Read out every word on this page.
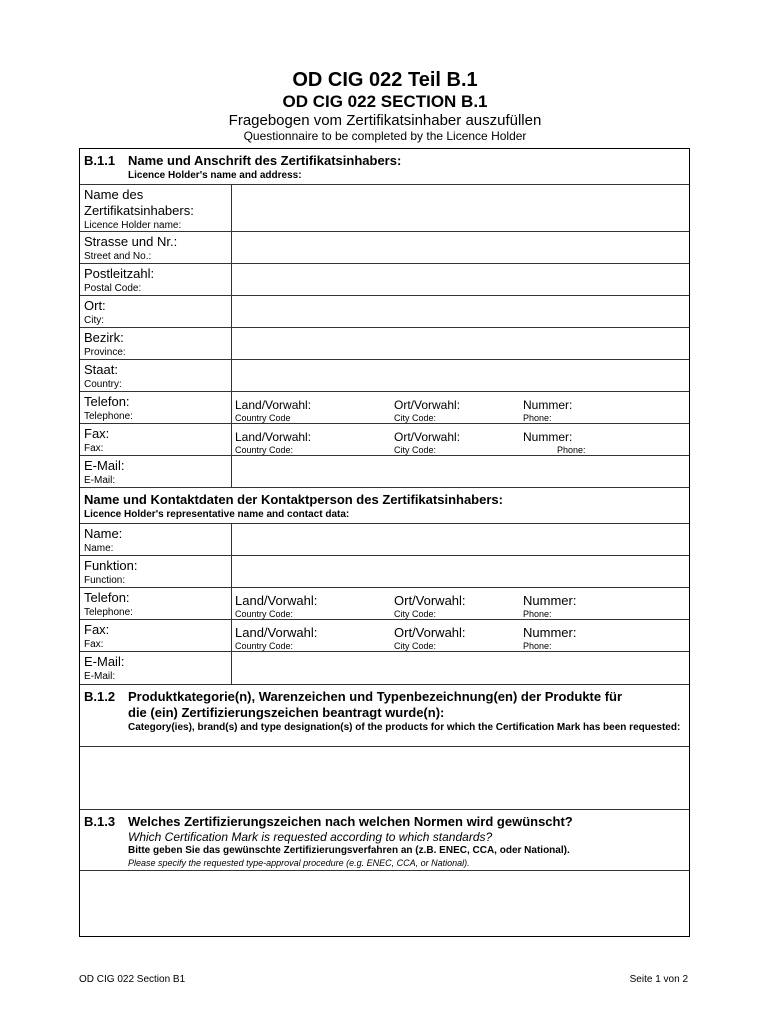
OD CIG 022 Teil B.1
OD CIG 022 SECTION B.1
Fragebogen vom Zertifikatsinhaber auszufüllen
Questionnaire to be completed by the Licence Holder
B.1.1 Name und Anschrift des Zertifikatsinhabers:
Licence Holder's name and address:
Name des Zertifikatsinhabers:
Licence Holder name:
Strasse und Nr.:
Street and No.:
Postleitzahl:
Postal Code:
Ort:
City:
Bezirk:
Province:
Staat:
Country:
Telefon:
Telephone:
Land/Vorwahl:
Country Code
Ort/Vorwahl:
City Code:
Nummer:
Phone:
Fax:
Fax:
Land/Vorwahl:
Country Code:
Ort/Vorwahl:
City Code:
Nummer:
Phone:
E-Mail:
E-Mail:
Name und Kontaktdaten der Kontaktperson des Zertifikatsinhabers:
Licence Holder's representative name and contact data:
Name:
Name:
Funktion:
Function:
Telefon:
Telephone:
Land/Vorwahl:
Country Code:
Ort/Vorwahl:
City Code:
Nummer:
Phone:
Fax:
Fax:
Land/Vorwahl:
Country Code:
Ort/Vorwahl:
City Code:
Nummer:
Phone:
E-Mail:
E-Mail:
B.1.2 Produktkategorie(n), Warenzeichen und Typenbezeichnung(en) der Produkte für
die (ein) Zertifizierungszeichen beantragt wurde(n):
Category(ies), brand(s) and type designation(s) of the products for which the Certification Mark has been requested:
B.1.3 Welches Zertifizierungszeichen nach welchen Normen wird gewünscht?
Which Certification Mark is requested according to which standards?
Bitte geben Sie das gewünschte Zertifizierungsverfahren an (z.B. ENEC, CCA, oder National).
Please specify the requested type-approval procedure (e.g. ENEC, CCA, or National).
OD CIG 022 Section B1	Seite 1 von 2
